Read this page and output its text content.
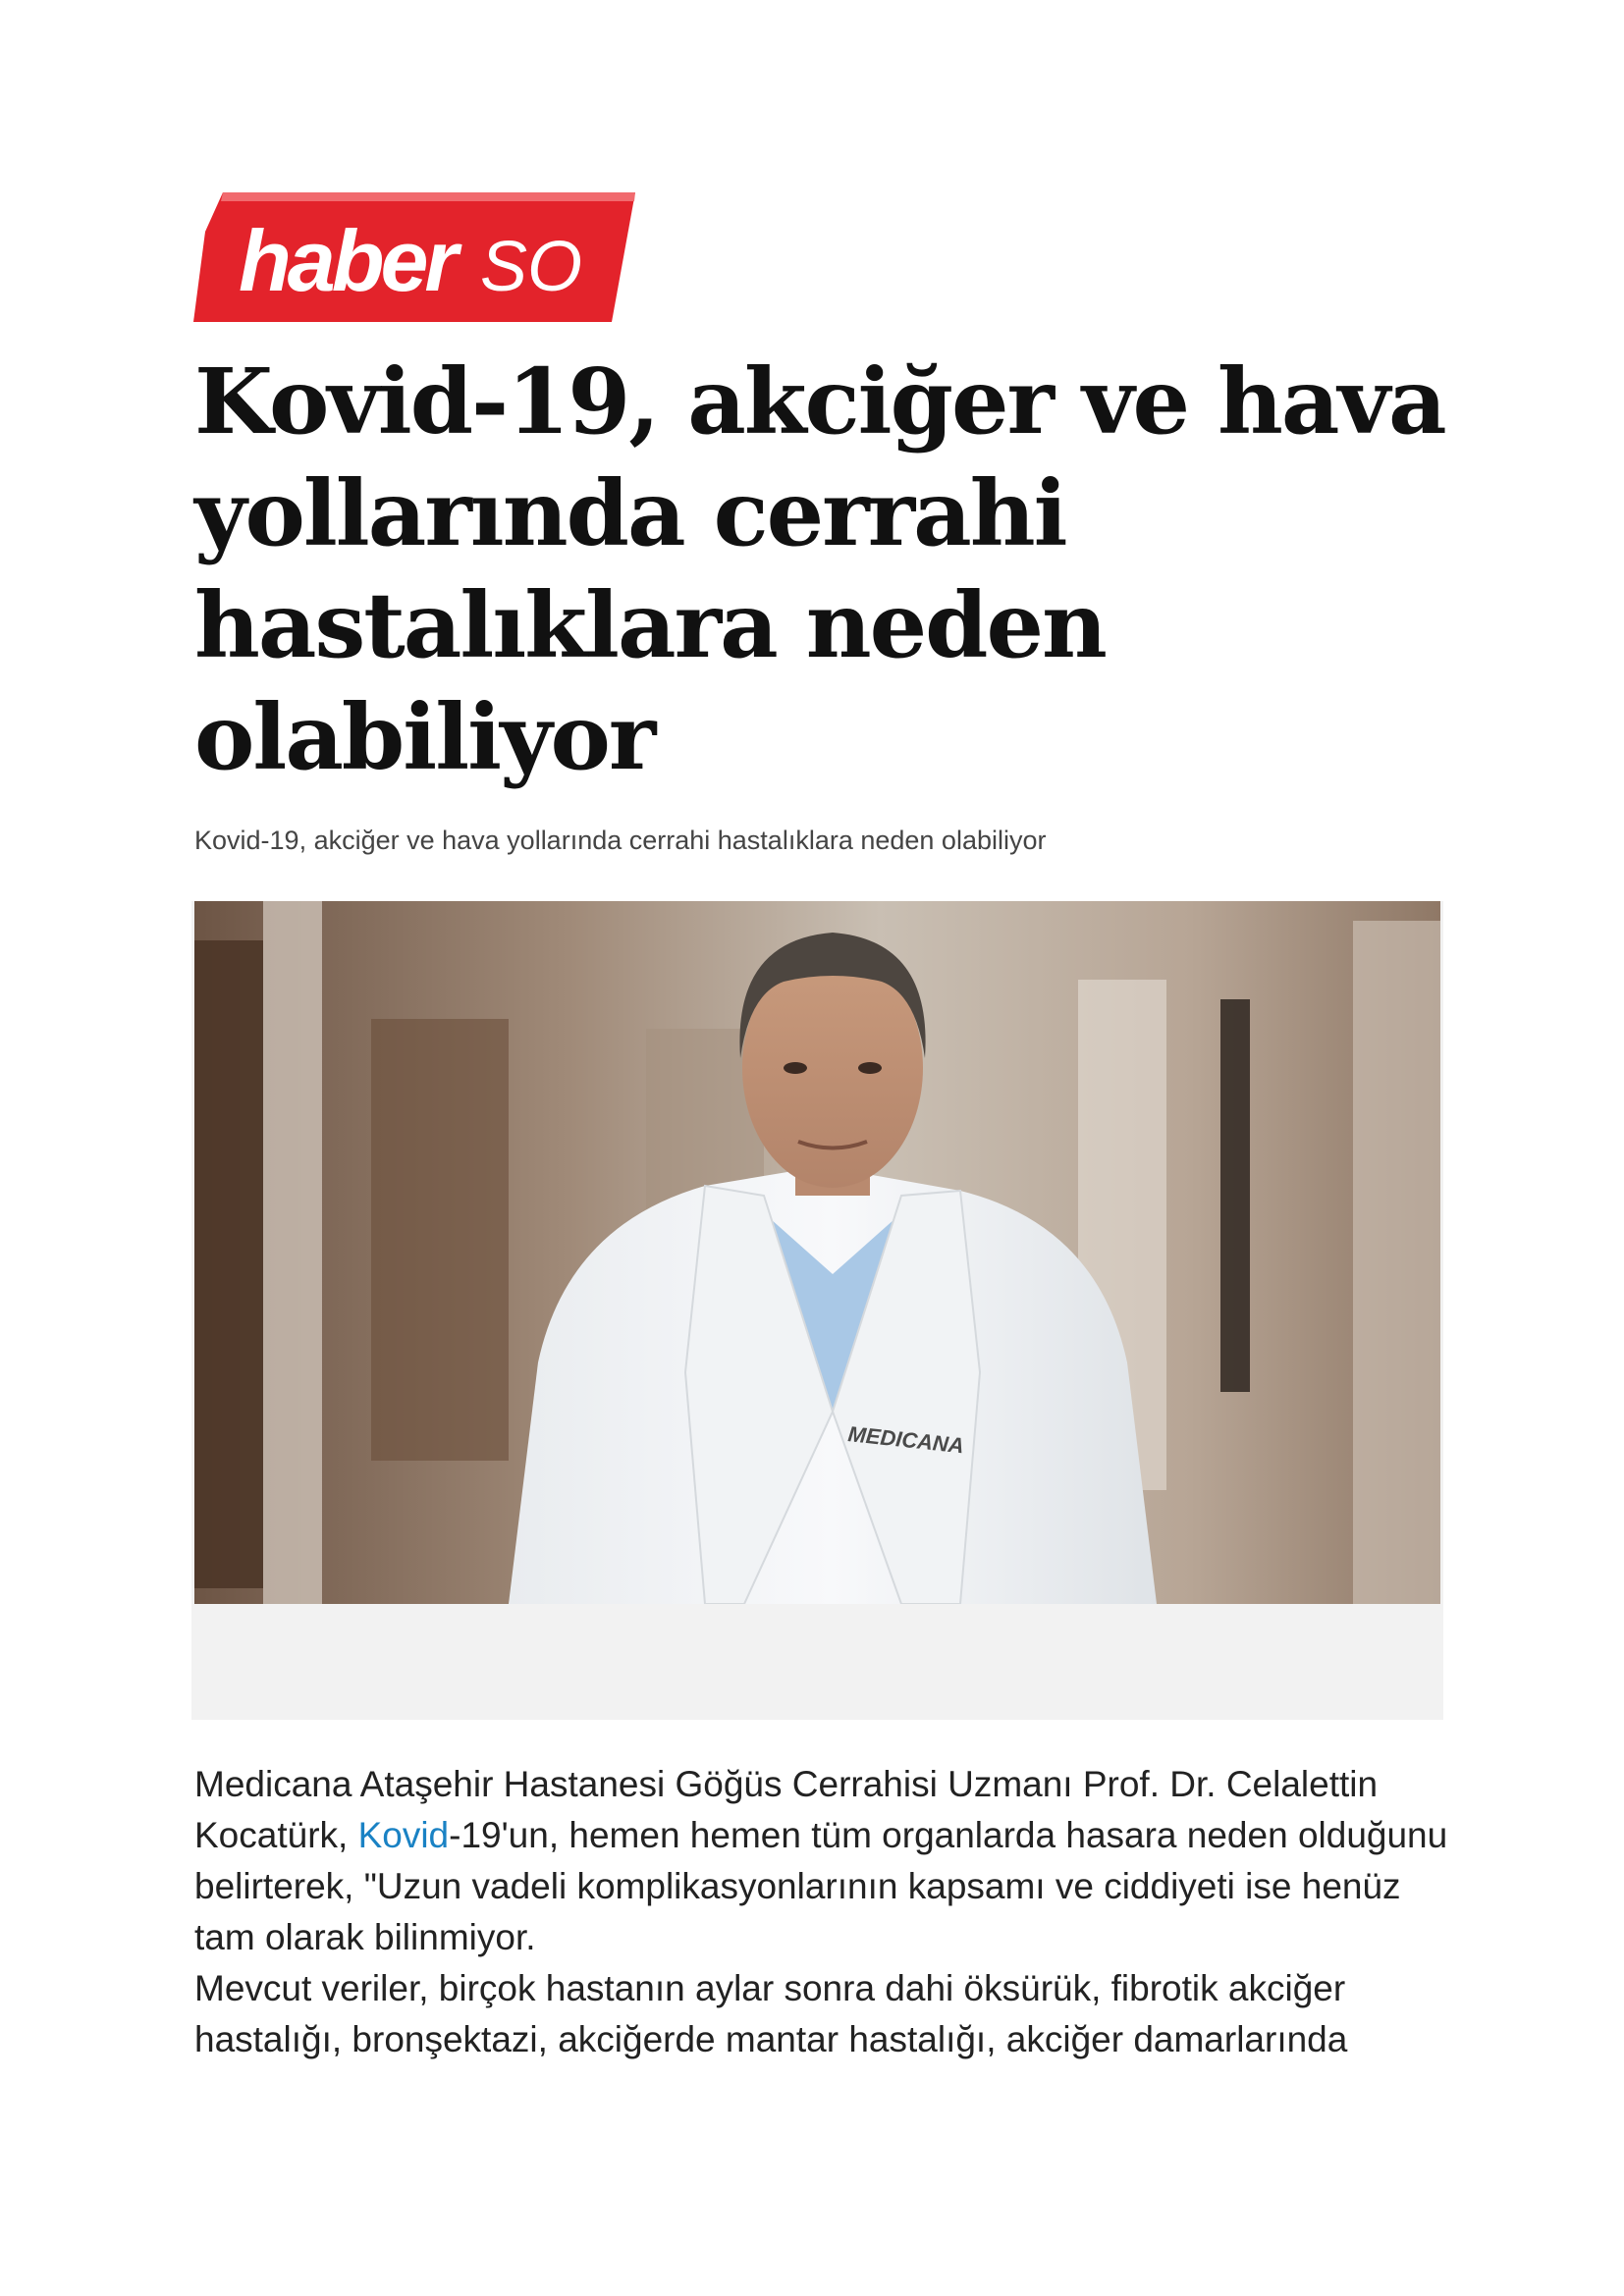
haber SO
Kovid-19, akciğer ve hava yollarında cerrahi hastalıklara neden olabiliyor

Kovid-19, akciğer ve hava yollarında cerrahi hastalıklara neden olabiliyor

MEDICANA

Medicana Ataşehir Hastanesi Göğüs Cerrahisi Uzmanı Prof. Dr. Celalettin Kocatürk, Kovid-19'un, hemen hemen tüm organlarda hasara neden olduğunu belirterek, "Uzun vadeli komplikasyonlarının kapsamı ve ciddiyeti ise henüz tam olarak bilinmiyor.

Mevcut veriler, birçok hastanın aylar sonra dahi öksürük, fibrotik akciğer hastalığı, bronşektazi, akciğerde mantar hastalığı, akciğer damarlarında
